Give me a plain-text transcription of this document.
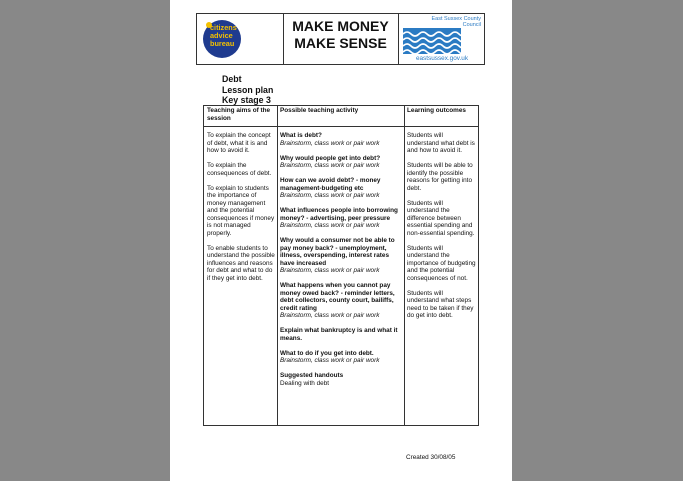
citizens advice bureau
MAKE MONEY
MAKE SENSE
East Sussex County Council
eastsussex.gov.uk
Debt
Lesson plan
Key stage 3
Teaching aims of the session

To explain the concept of debt, what it is and how to avoid it.

To explain the consequences of debt.

To explain to students the importance of money management and the potential consequences if money is not managed properly.

To enable students to understand the possible influences and reasons for debt and what to do if they get into debt.

Possible teaching activity
What is debt?
Brainstorm, class work or pair work
Why would people get into debt?
Brainstorm, class work or pair work
How can we avoid debt? - money management-budgeting etc
Brainstorm, class work or pair work
What influences people into borrowing money? - advertising, peer pressure
Brainstorm, class work or pair work
Why would a consumer not be able to pay money back? - unemployment, illness, overspending, interest rates have increased
Brainstorm, class work or pair work
What happens when you cannot pay money owed back? - reminder letters, debt collectors, county court, bailiffs, credit rating
Brainstorm, class work or pair work
Explain what bankruptcy is and what it means.
What to do if you get into debt.
Brainstorm, class work or pair work
Suggested handouts
Dealing with debt
Learning outcomes

Students will understand what debt is and how to avoid it.

Students will be able to identify the possible reasons for getting into debt.

Students will understand the difference between essential spending and non-essential spending.

Students will understand the importance of budgeting and the potential consequences of not.

Students will understand what steps need to be taken if they do get into debt.

Created 30/08/05
